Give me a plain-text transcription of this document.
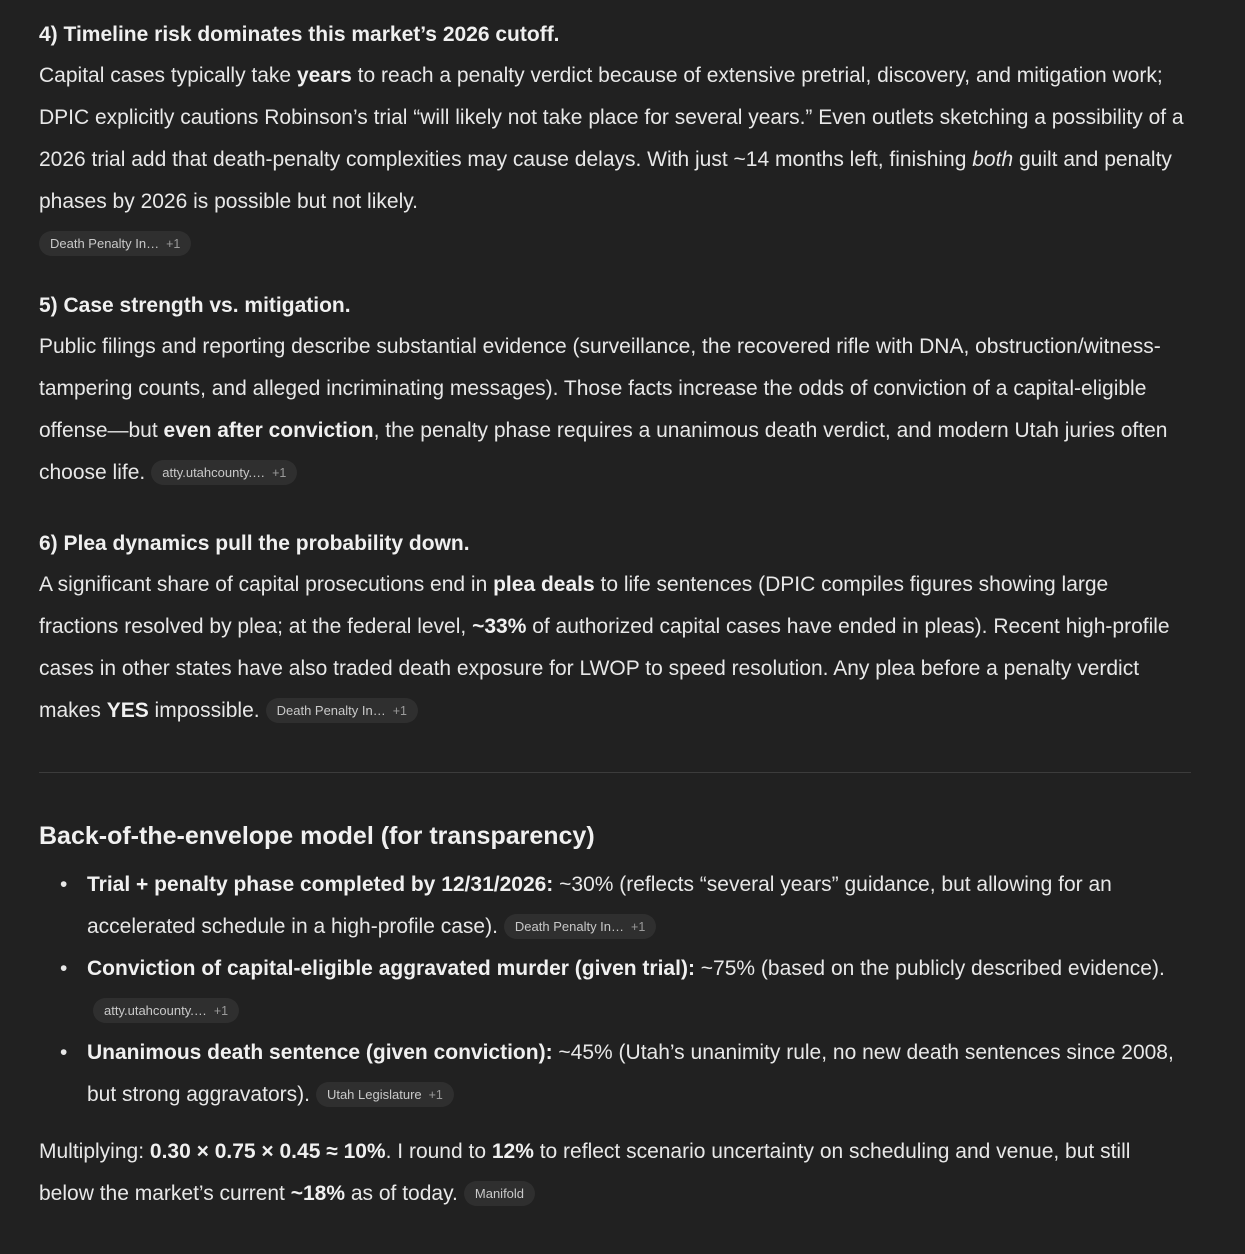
4) Timeline risk dominates this market’s 2026 cutoff.

Capital cases typically take years to reach a penalty verdict because of extensive pretrial, discovery, and mitigation work; DPIC explicitly cautions Robinson’s trial “will likely not take place for several years.” Even outlets sketching a possibility of a 2026 trial add that death-penalty complexities may cause delays. With just ~14 months left, finishing both guilt and penalty phases by 2026 is possible but not likely.

Death Penalty In… +1
5) Case strength vs. mitigation.

Public filings and reporting describe substantial evidence (surveillance, the recovered rifle with DNA, obstruction/witness-tampering counts, and alleged incriminating messages). Those facts increase the odds of conviction of a capital-eligible offense—but even after conviction, the penalty phase requires a unanimous death verdict, and modern Utah juries often choose life. atty.utahcounty.… +1

6) Plea dynamics pull the probability down.

A significant share of capital prosecutions end in plea deals to life sentences (DPIC compiles figures showing large fractions resolved by plea; at the federal level, ~33% of authorized capital cases have ended in pleas). Recent high-profile cases in other states have also traded death exposure for LWOP to speed resolution. Any plea before a penalty verdict makes YES impossible. Death Penalty In… +1

Back-of-the-envelope model (for transparency)
• Trial + penalty phase completed by 12/31/2026: ~30% (reflects “several years” guidance, but allowing for an accelerated schedule in a high-profile case). Death Penalty In… +1
• Conviction of capital-eligible aggravated murder (given trial): ~75% (based on the publicly described evidence).atty.utahcounty.… +1
• Unanimous death sentence (given conviction): ~45% (Utah’s unanimity rule, no new death sentences since 2008, but strong aggravators). Utah Legislature +1

Multiplying: 0.30 × 0.75 × 0.45 ≈ 10%. I round to 12% to reflect scenario uncertainty on scheduling and venue, but still below the market’s current ~18% as of today. Manifold
